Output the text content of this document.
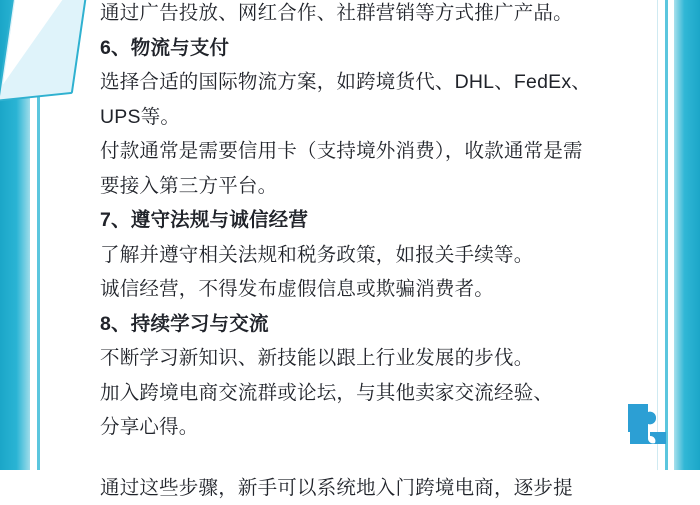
通过广告投放、网红合作、社群营销等方式推广产品。
6、物流与支付
选择合适的国际物流方案，如跨境货代、DHL、FedEx、
UPS等。
付款通常是需要信用卡（支持境外消费），收款通常是需
要接入第三方平台。
7、遵守法规与诚信经营
了解并遵守相关法规和税务政策，如报关手续等。
诚信经营，不得发布虚假信息或欺骗消费者。
8、持续学习与交流
不断学习新知识、新技能以跟上行业发展的步伐。
加入跨境电商交流群或论坛，与其他卖家交流经验、
分享心得。
通过这些步骤，新手可以系统地入门跨境电商，逐步提
